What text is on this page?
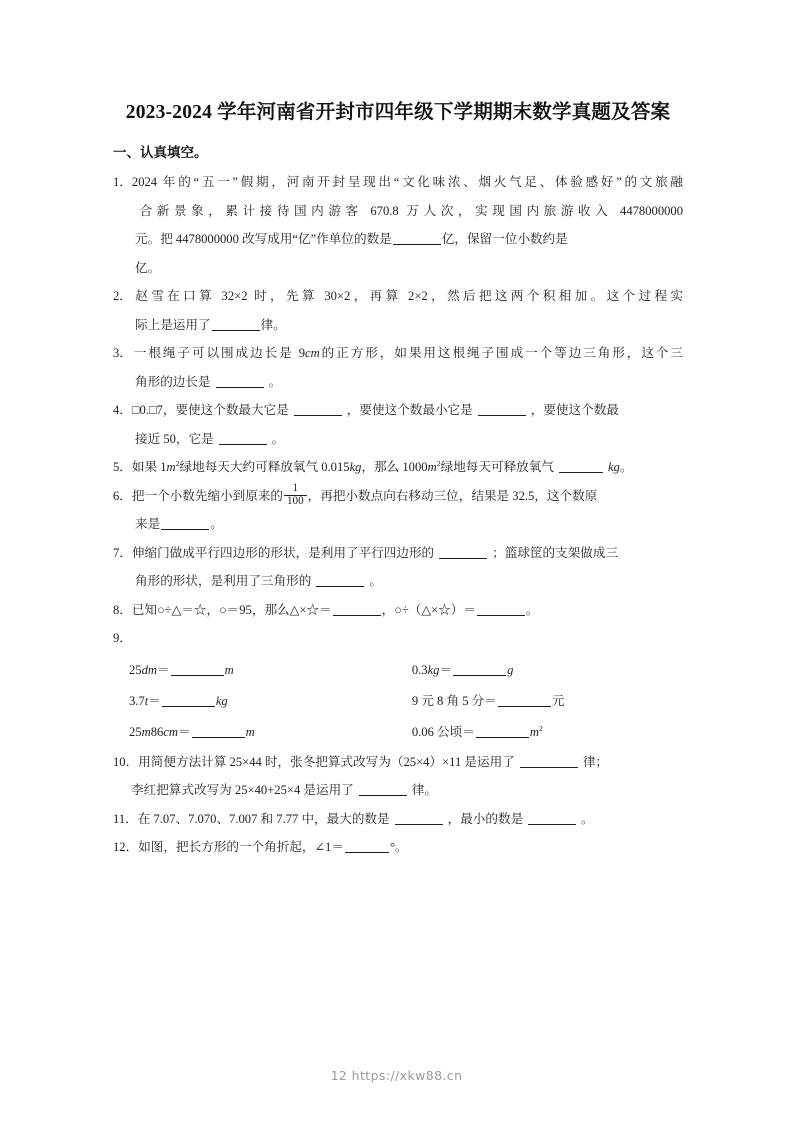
2023-2024 学年河南省开封市四年级下学期期末数学真题及答案
一、认真填空。
1．2024 年的“五一”假期，河南开封呈现出“文化味浓、烟火气足、体验感好”的文旅融
合新景象，累计接待国内游客 670.8 万人次，实现国内旅游收入 4478000000
元。把 4478000000 改写成用“亿”作单位的数是	亿，保留一位小数约是
亿。
2．赵雪在口算 32×2 时，先算 30×2，再算 2×2，然后把这两个积相加。这个过程实
际上是运用了	律。
3．一根绳子可以围成边长是 9cm的正方形，如果用这根绳子围成一个等边三角形，这个三
角形的边长是	。
4．□0.□7，要使这个数最大它是	，要使这个数最小它是	，要使这个数最
接近 50，它是	。
5．如果 $1m^2$绿地每天大约可释放氧气 0.015kg，那么 $1000m^2$绿地每天可释放氧气	kg。
6．把一个小数先缩小到原来的 $\frac{1}{100}$ ，再把小数点向右移动三位，结果是 32.5，这个数原
来是	。
7．伸缩门做成平行四边形的形状，是利用了平行四边形的	；篮球筐的支架做成三
角形的形状，是利用了三角形的	。
8．已知○÷△＝☆，○＝95，那么△×☆＝	，○÷（△×☆）＝	。
9．
25dm＝	m	0.3kg＝	g
3.7t＝	kg	9 元 8 角 5 分＝	元
25m86cm＝	m	0.06 公顷＝	$m^2$
10．用简便方法计算 25×44 时，张冬把算式改写为（25×4）×11 是运用了	律；
李红把算式改写为 25×40+25×4 是运用了	律。
11．在 7.07、7.070、7.007 和 7.77 中，最大的数是	，最小的数是	。
12．如图，把长方形的一个角折起，∠1＝	°。
12 https://xkw88.cn
